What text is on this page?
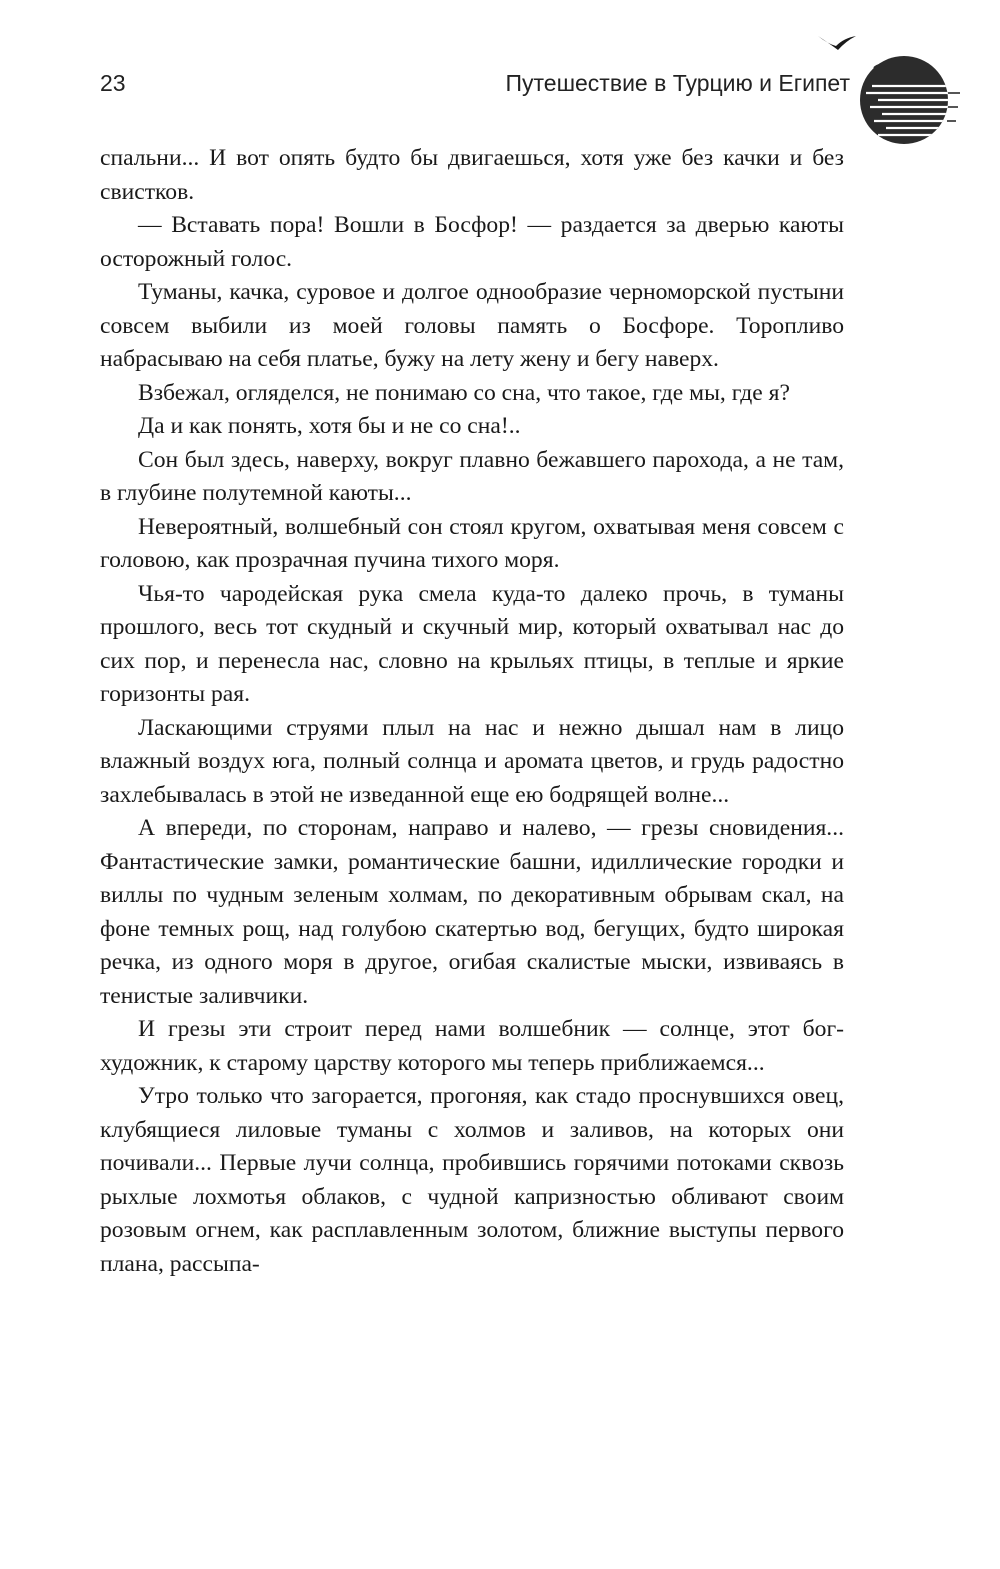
23	Путешествие в Турцию и Египет

спальни... И вот опять будто бы двигаешься, хотя уже без качки и без свистков.

— Вставать пора! Вошли в Босфор! — раздается за дверью каюты осторожный голос.

Туманы, качка, суровое и долгое однообразие черноморской пустыни совсем выбили из моей головы память о Босфоре. Торопливо набрасываю на себя платье, бужу на лету жену и бегу наверх.

Взбежал, огляделся, не понимаю со сна, что такое, где мы, где я?

Да и как понять, хотя бы и не со сна!..

Сон был здесь, наверху, вокруг плавно бежавшего парохода, а не там, в глубине полутемной каюты...

Невероятный, волшебный сон стоял кругом, охватывая меня совсем с головою, как прозрачная пучина тихого моря.

Чья-то чародейская рука смела куда-то далеко прочь, в туманы прошлого, весь тот скудный и скучный мир, который охватывал нас до сих пор, и перенесла нас, словно на крыльях птицы, в теплые и яркие горизонты рая.

Ласкающими струями плыл на нас и нежно дышал нам в лицо влажный воздух юга, полный солнца и аромата цветов, и грудь радостно захлебывалась в этой не изведанной еще ею бодрящей волне...

А впереди, по сторонам, направо и налево, — грезы сновидения... Фантастические замки, романтические башни, идиллические городки и виллы по чудным зеленым холмам, по декоративным обрывам скал, на фоне темных рощ, над голубою скатертью вод, бегущих, будто широкая речка, из одного моря в другое, огибая скалистые мыски, извиваясь в тенистые заливчики.

И грезы эти строит перед нами волшебник — солнце, этот бог-художник, к старому царству которого мы теперь приближаемся...

Утро только что загорается, прогоняя, как стадо проснувшихся овец, клубящиеся лиловые туманы с холмов и заливов, на которых они почивали... Первые лучи солнца, пробившись горячими потоками сквозь рыхлые лохмотья облаков, с чудной капризностью обливают своим розовым огнем, как расплавленным золотом, ближние выступы первого плана, рассыпа-
